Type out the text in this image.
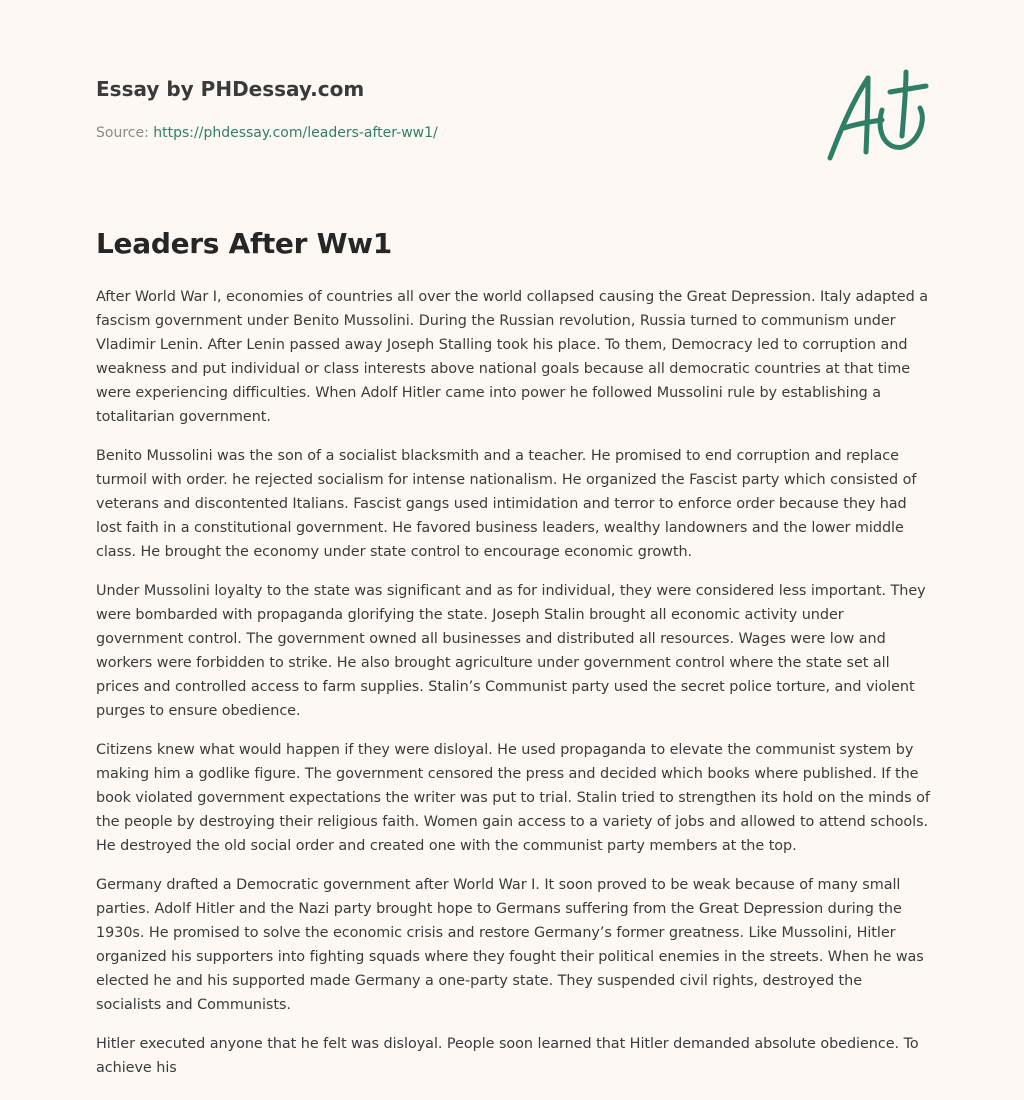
Essay by PHDessay.com
Source: https://phdessay.com/leaders-after-ww1/
Leaders After Ww1

After World War I, economies of countries all over the world collapsed causing the Great Depression. Italy adapted a fascism government under Benito Mussolini. During the Russian revolution, Russia turned to communism under Vladimir Lenin. After Lenin passed away Joseph Stalling took his place. To them, Democracy led to corruption and weakness and put individual or class interests above national goals because all democratic countries at that time were experiencing difficulties. When Adolf Hitler came into power he followed Mussolini rule by establishing a totalitarian government.

Benito Mussolini was the son of a socialist blacksmith and a teacher. He promised to end corruption and replace turmoil with order. he rejected socialism for intense nationalism. He organized the Fascist party which consisted of veterans and discontented Italians. Fascist gangs used intimidation and terror to enforce order because they had lost faith in a constitutional government. He favored business leaders, wealthy landowners and the lower middle class. He brought the economy under state control to encourage economic growth.

Under Mussolini loyalty to the state was significant and as for individual, they were considered less important. They were bombarded with propaganda glorifying the state. Joseph Stalin brought all economic activity under government control. The government owned all businesses and distributed all resources. Wages were low and workers were forbidden to strike. He also brought agriculture under government control where the state set all prices and controlled access to farm supplies. Stalin’s Communist party used the secret police torture, and violent purges to ensure obedience.

Citizens knew what would happen if they were disloyal. He used propaganda to elevate the communist system by making him a godlike figure. The government censored the press and decided which books where published. If the book violated government expectations the writer was put to trial. Stalin tried to strengthen its hold on the minds of the people by destroying their religious faith. Women gain access to a variety of jobs and allowed to attend schools. He destroyed the old social order and created one with the communist party members at the top.

Germany drafted a Democratic government after World War I. It soon proved to be weak because of many small parties. Adolf Hitler and the Nazi party brought hope to Germans suffering from the Great Depression during the 1930s. He promised to solve the economic crisis and restore Germany’s former greatness. Like Mussolini, Hitler organized his supporters into fighting squads where they fought their political enemies in the streets. When he was elected he and his supported made Germany a one-party state. They suspended civil rights, destroyed the socialists and Communists.

Hitler executed anyone that he felt was disloyal. People soon learned that Hitler demanded absolute obedience. To achieve his
